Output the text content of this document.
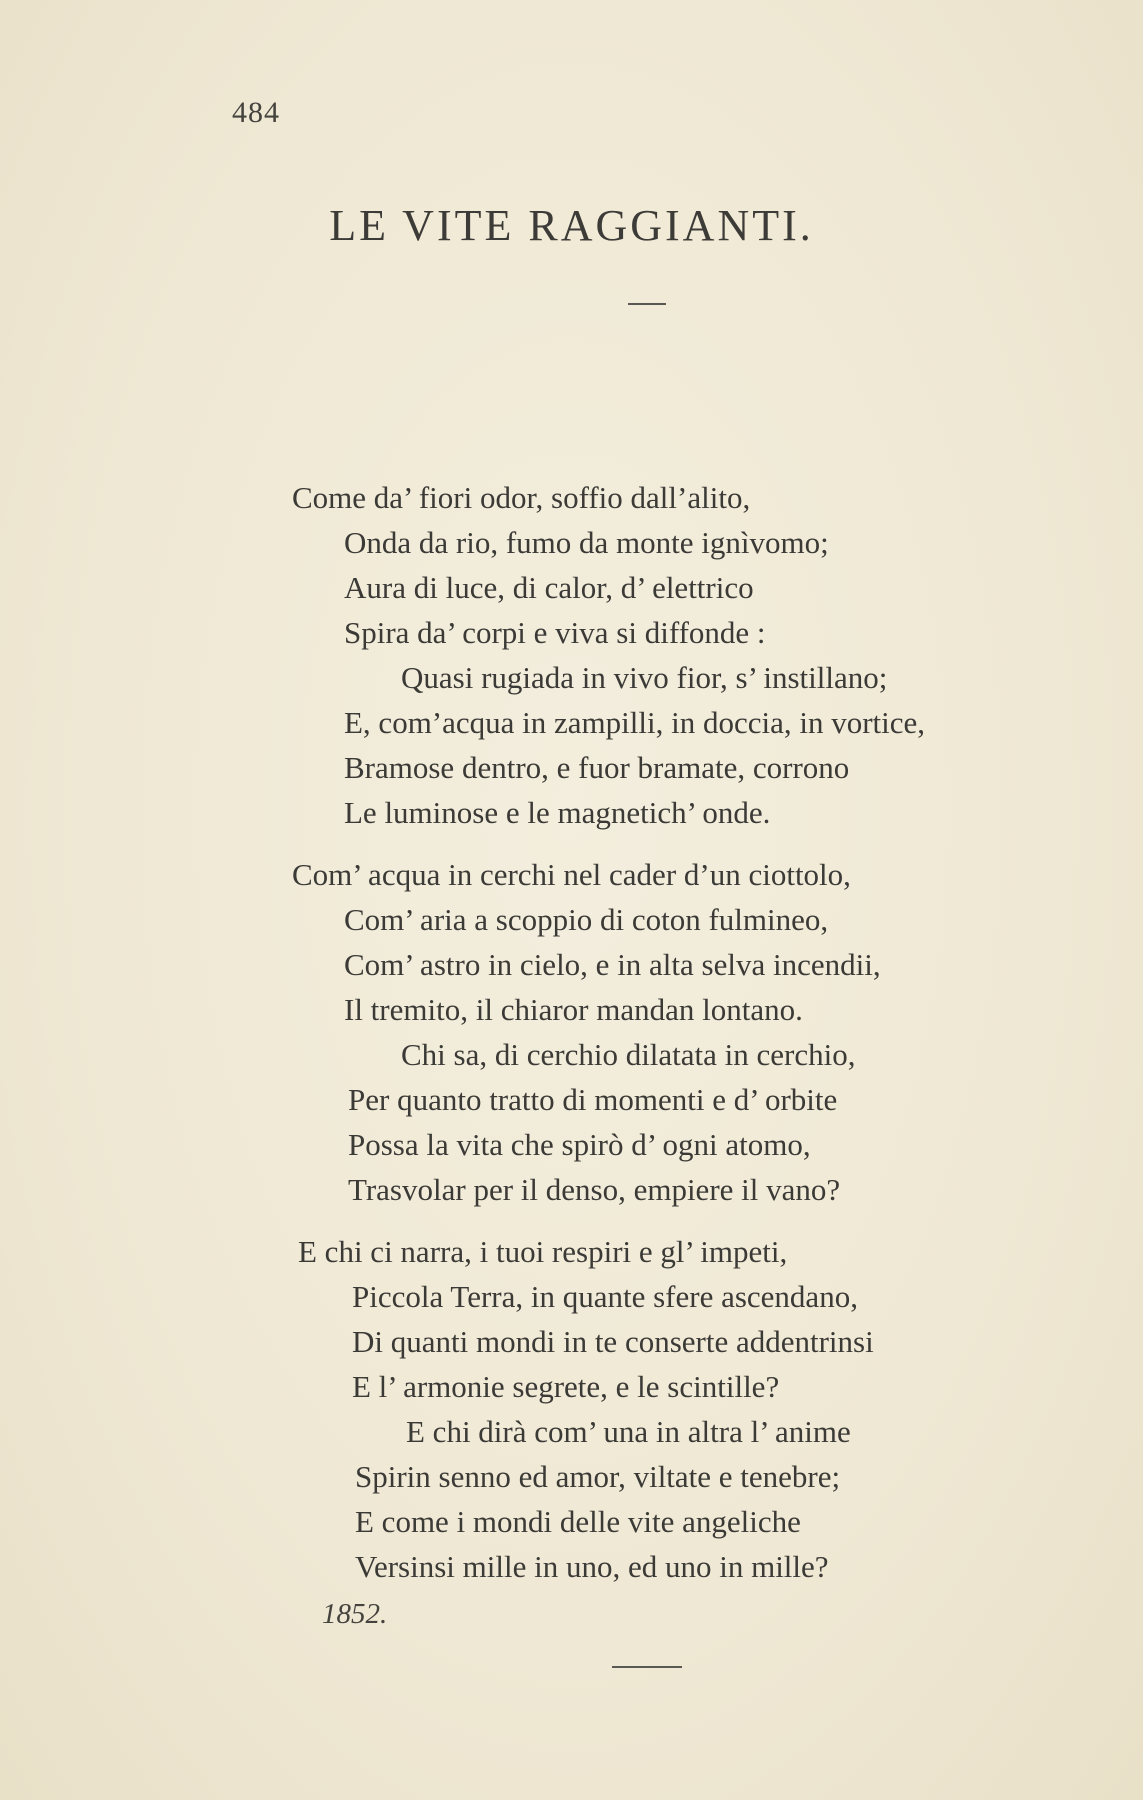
484
LE VITE RAGGIANTI.
Come da’ fiori odor, soffio dall’alito,
Onda da rio, fumo da monte ignìvomo;
Aura di luce, di calor, d’ elettrico
Spira da’ corpi e viva si diffonde :
Quasi rugiada in vivo fior, s’ instillano;
E, com’acqua in zampilli, in doccia, in vortice,
Bramose dentro, e fuor bramate, corrono
Le luminose e le magnetich’ onde.
Com’ acqua in cerchi nel cader d’un ciottolo,
Com’ aria a scoppio di coton fulmineo,
Com’ astro in cielo, e in alta selva incendii,
Il tremito, il chiaror mandan lontano.
Chi sa, di cerchio dilatata in cerchio,
Per quanto tratto di momenti e d’ orbite
Possa la vita che spirò d’ ogni atomo,
Trasvolar per il denso, empiere il vano?
E chi ci narra, i tuoi respiri e gl’ impeti,
Piccola Terra, in quante sfere ascendano,
Di quanti mondi in te conserte addentrinsi
E l’ armonie segrete, e le scintille?
E chi dirà com’ una in altra l’ anime
Spirin senno ed amor, viltate e tenebre;
E come i mondi delle vite angeliche
Versinsi mille in uno, ed uno in mille?
1852.
